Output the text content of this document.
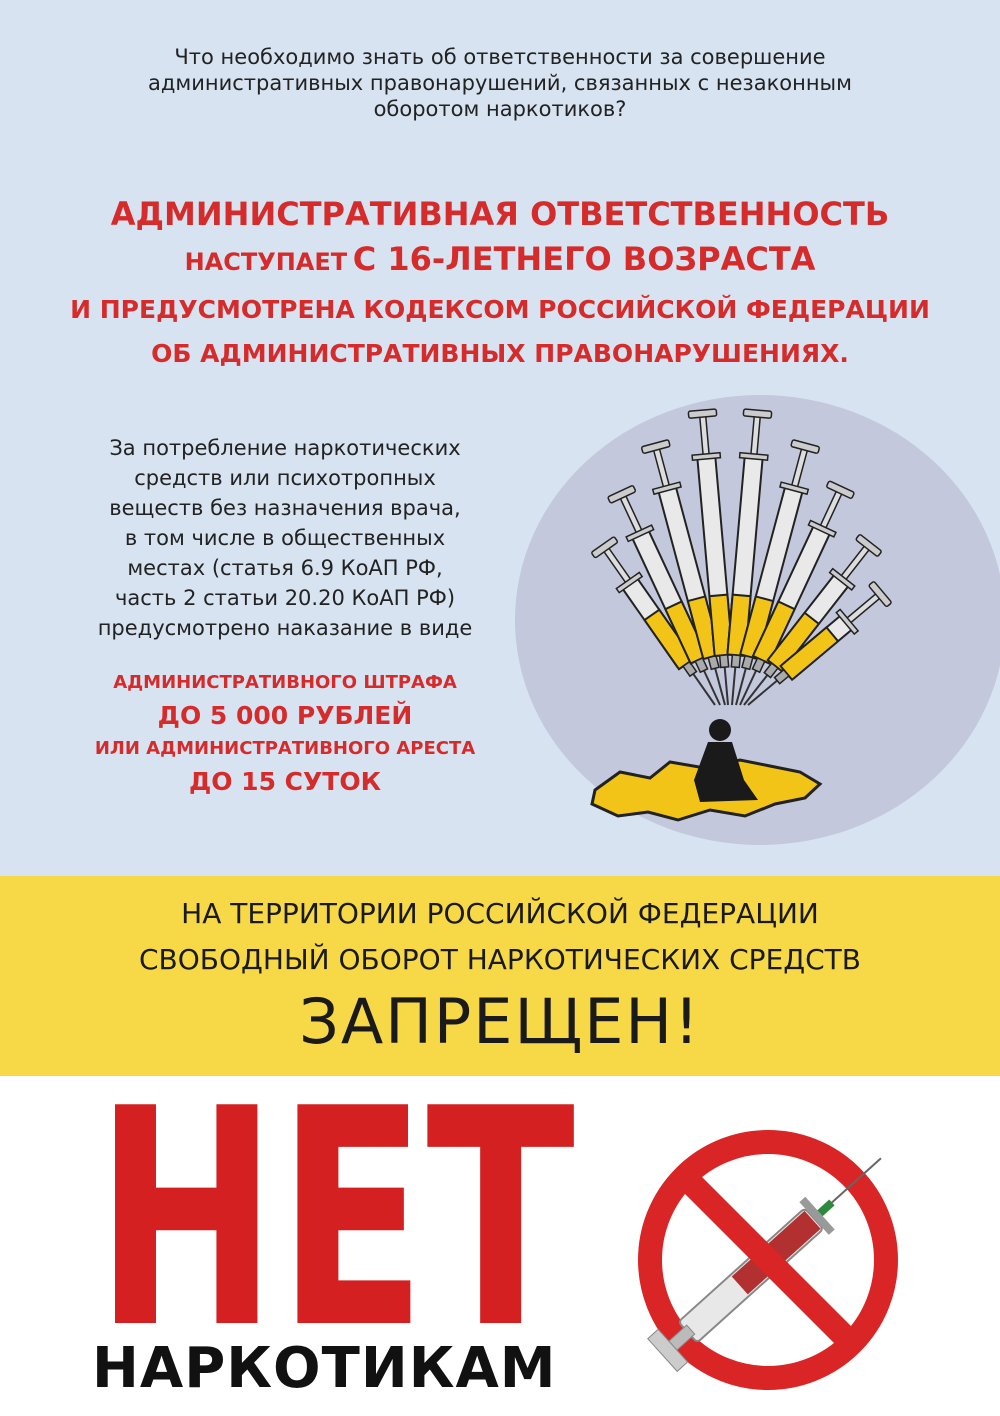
Что необходимо знать об ответственности за совершение
административных правонарушений, связанных с незаконным
оборотом наркотиков?
АДМИНИСТРАТИВНАЯ ОТВЕТСТВЕННОСТЬ
НАСТУПАЕТ С 16-ЛЕТНЕГО ВОЗРАСТА
И ПРЕДУСМОТРЕНА КОДЕКСОМ РОССИЙСКОЙ ФЕДЕРАЦИИ
ОБ АДМИНИСТРАТИВНЫХ ПРАВОНАРУШЕНИЯХ.
За потребление наркотических
средств или психотропных
веществ без назначения врача,
в том числе в общественных
местах (статья 6.9 КоАП РФ,
часть 2 статьи 20.20 КоАП РФ)
предусмотрено наказание в виде
АДМИНИСТРАТИВНОГО ШТРАФА
ДО 5 000 РУБЛЕЙ
ИЛИ АДМИНИСТРАТИВНОГО АРЕСТА
ДО 15 СУТОК
НА ТЕРРИТОРИИ РОССИЙСКОЙ ФЕДЕРАЦИИ
СВОБОДНЫЙ ОБОРОТ НАРКОТИЧЕСКИХ СРЕДСТВ
ЗАПРЕЩЕН!
НЕТ
НАРКОТИКАМ
